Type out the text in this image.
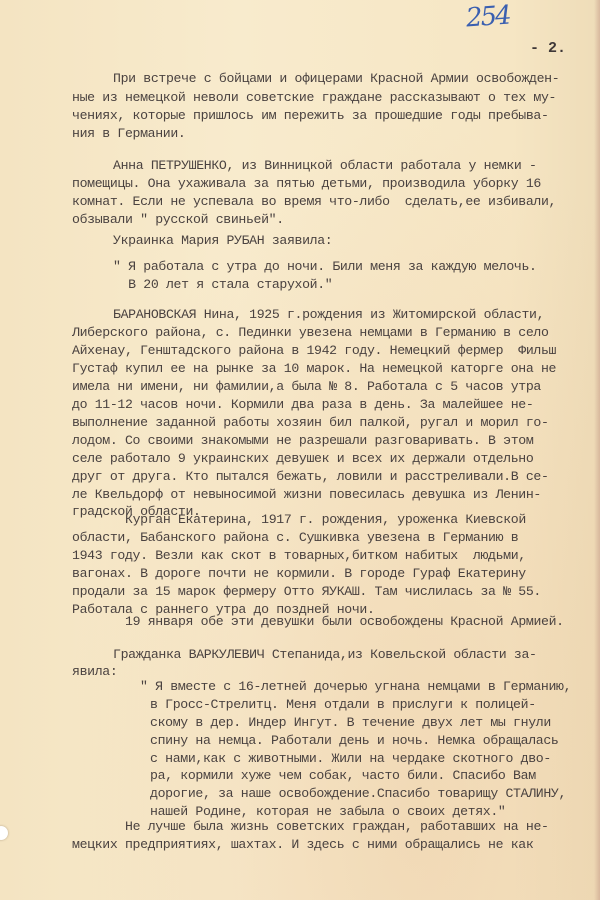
254
- 2.
При встрече с бойцами и офицерами Красной Армии освобожден-
ные из немецкой неволи советские граждане рассказывают о тех му-
чениях, которые пришлось им пережить за прошедшие годы пребыва-
ния в Германии.
Анна ПЕТРУШЕНКО, из Винницкой области работала у немки -
помещицы. Она ухаживала за пятью детьми, производила уборку 16
комнат. Если не успевала во время что-либо  сделать,ее избивали,
обзывали " русской свиньей".
Украинка Мария РУБАН заявила:
" Я работала с утра до ночи. Били меня за каждую мелочь.
В 20 лет я стала старухой."
БАРАНОВСКАЯ Нина, 1925 г.рождения из Житомирской области,
Либерского района, с. Пединки увезена немцами в Германию в село
Айхенау, Генштадского района в 1942 году. Немецкий фермер  Фильш
Густаф купил ее на рынке за 10 марок. На немецкой каторге она не
имела ни имени, ни фамилии,а была № 8. Работала с 5 часов утра
до 11-12 часов ночи. Кормили два раза в день. За малейшее не-
выполнение заданной работы хозяин бил палкой, ругал и морил го-
лодом. Со своими знакомыми не разрешали разговаривать. В этом
селе работало 9 украинских девушек и всех их держали отдельно
друг от друга. Кто пытался бежать, ловили и расстреливали.В се-
ле Квельдорф от невыносимой жизни повесилась девушка из Ленин-
градской области.
Курган Екатерина, 1917 г. рождения, уроженка Киевской
области, Бабанского района с. Сушкивка увезена в Германию в
1943 году. Везли как скот в товарных,битком набитых  людьми,
вагонах. В дороге почти не кормили. В городе Гураф Екатерину
продали за 15 марок фермеру Отто ЯУКАШ. Там числилась за № 55.
Работала с раннего утра до поздней ночи.
19 января обе эти девушки были освобождены Красной Армией.
Гражданка ВАРКУЛЕВИЧ Степанида,из Ковельской области за-
явила:
" Я вместе с 16-летней дочерью угнана немцами в Германию,
в Гросс-Стрелитц. Меня отдали в прислуги к полицей-
скому в дер. Индер Ингут. В течение двух лет мы гнули
спину на немца. Работали день и ночь. Немка обращалась
с нами,как с животными. Жили на чердаке скотного дво-
ра, кормили хуже чем собак, часто били. Спасибо Вам
дорогие, за наше освобождение.Спасибо товарищу СТАЛИНУ,
нашей Родине, которая не забыла о своих детях."
Не лучше была жизнь советских граждан, работавших на не-
мецких предприятиях, шахтах. И здесь с ними обращались не как
